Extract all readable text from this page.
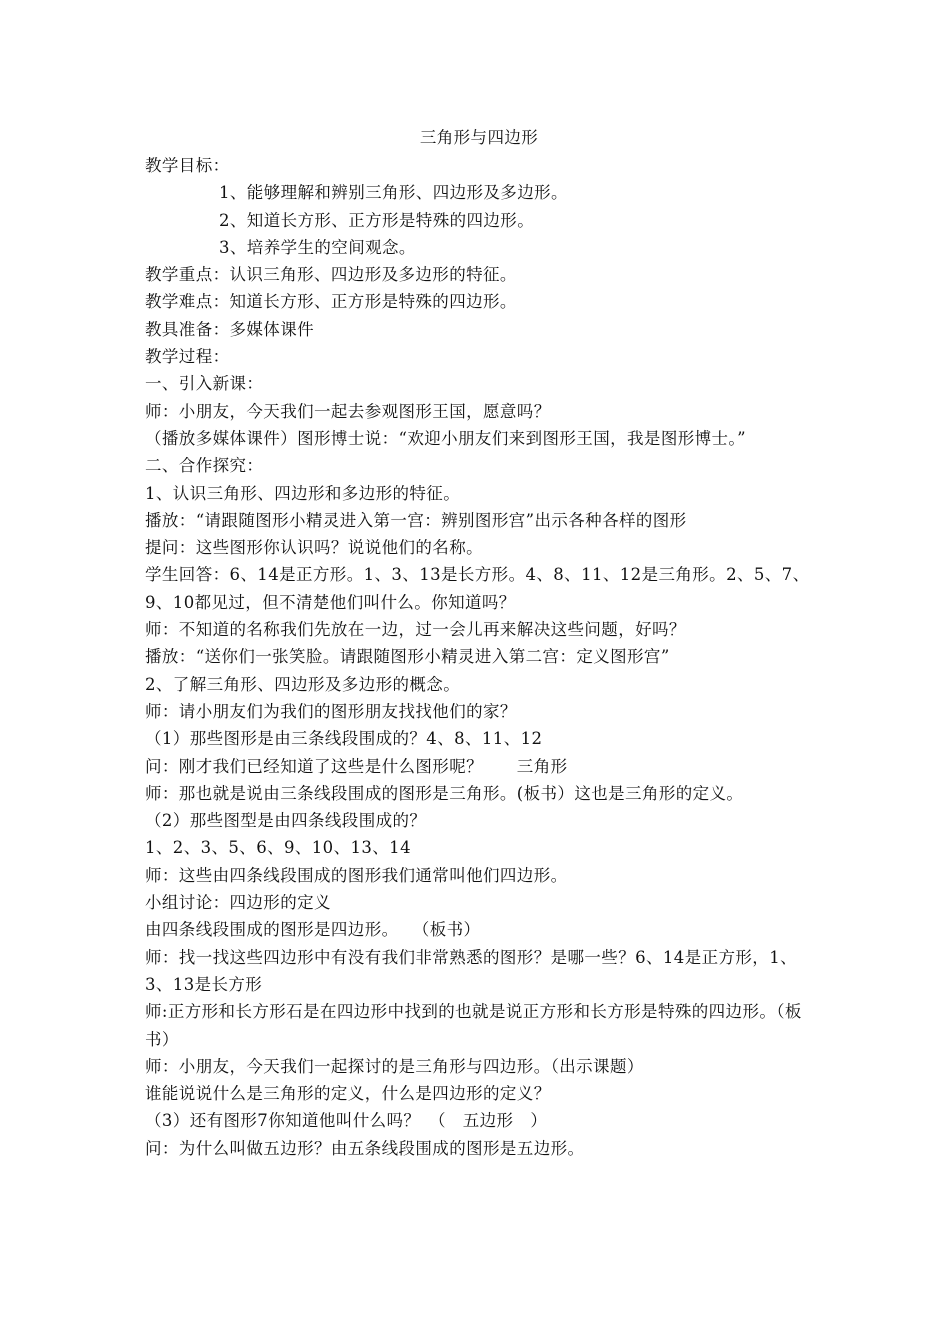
三角形与四边形
教学目标：
1、能够理解和辨别三角形、四边形及多边形。
2、知道长方形、正方形是特殊的四边形。
3、培养学生的空间观念。
教学重点：认识三角形、四边形及多边形的特征。
教学难点：知道长方形、正方形是特殊的四边形。
教具准备：多媒体课件
教学过程：
一、引入新课：
师：小朋友，今天我们一起去参观图形王国，愿意吗？
（播放多媒体课件）图形博士说：“欢迎小朋友们来到图形王国，我是图形博士。”
二、合作探究：
1、认识三角形、四边形和多边形的特征。
播放：“请跟随图形小精灵进入第一宫：辨别图形宫”出示各种各样的图形
提问：这些图形你认识吗？说说他们的名称。
学生回答：6、14是正方形。1、3、13是长方形。4、8、11、12是三角形。2、5、7、9、10都见过，但不清楚他们叫什么。你知道吗？
师：不知道的名称我们先放在一边，过一会儿再来解决这些问题，好吗？
播放：“送你们一张笑脸。请跟随图形小精灵进入第二宫：定义图形宫”
2、了解三角形、四边形及多边形的概念。
师：请小朋友们为我们的图形朋友找找他们的家？
（1）那些图形是由三条线段围成的？4、8、11、12
问：刚才我们已经知道了这些是什么图形呢？　　三角形
师：那也就是说由三条线段围成的图形是三角形。(板书）这也是三角形的定义。
（2）那些图型是由四条线段围成的？
1、2、3、5、6、9、10、13、14
师：这些由四条线段围成的图形我们通常叫他们四边形。
小组讨论：四边形的定义
由四条线段围成的图形是四边形。　 （板书）
师：找一找这些四边形中有没有我们非常熟悉的图形？是哪一些？6、14是正方形，1、3、13是长方形
师:正方形和长方形石是在四边形中找到的也就是说正方形和长方形是特殊的四边形。（板书）
师：小朋友，今天我们一起探讨的是三角形与四边形。（出示课题）
谁能说说什么是三角形的定义，什么是四边形的定义？
（3）还有图形7你知道他叫什么吗？　（　五边形　）
问：为什么叫做五边形？由五条线段围成的图形是五边形。
